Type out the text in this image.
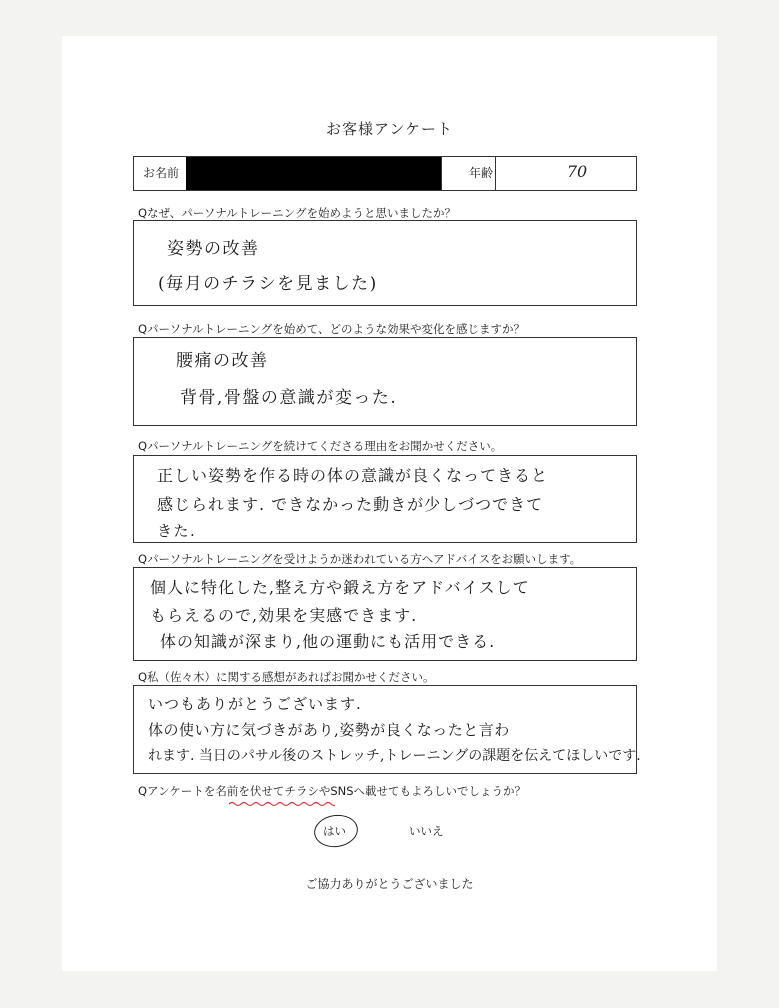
お客様アンケート
お名前	年齢	70
Qなぜ、パーソナルトレーニングを始めようと思いましたか？
姿勢の改善
(毎月のチラシを見ました)
Qパーソナルトレーニングを始めて、どのような効果や変化を感じますか？
腰痛の改善
背骨,骨盤の意識が変った.
Qパーソナルトレーニングを続けてくださる理由をお聞かせください。
正しい姿勢を作る時の体の意識が良くなってきると
感じられます. できなかった動きが少しづつできて
きた.
Qパーソナルトレーニングを受けようか迷われている方へアドバイスをお願いします。
個人に特化した,整え方や鍛え方をアドバイスして
もらえるので,効果を実感できます.
体の知識が深まり,他の運動にも活用できる.
Q私（佐々木）に関する感想があればお聞かせください。
いつもありがとうございます.
体の使い方に気づきがあり,姿勢が良くなったと言わ
れます. 当日のパサル後のストレッチ,トレーニングの課題を伝えてほしいです.
Qアンケートを名前を伏せてチラシやSNSへ載せてもよろしいでしょうか？
はい	いいえ
ご協力ありがとうございました
